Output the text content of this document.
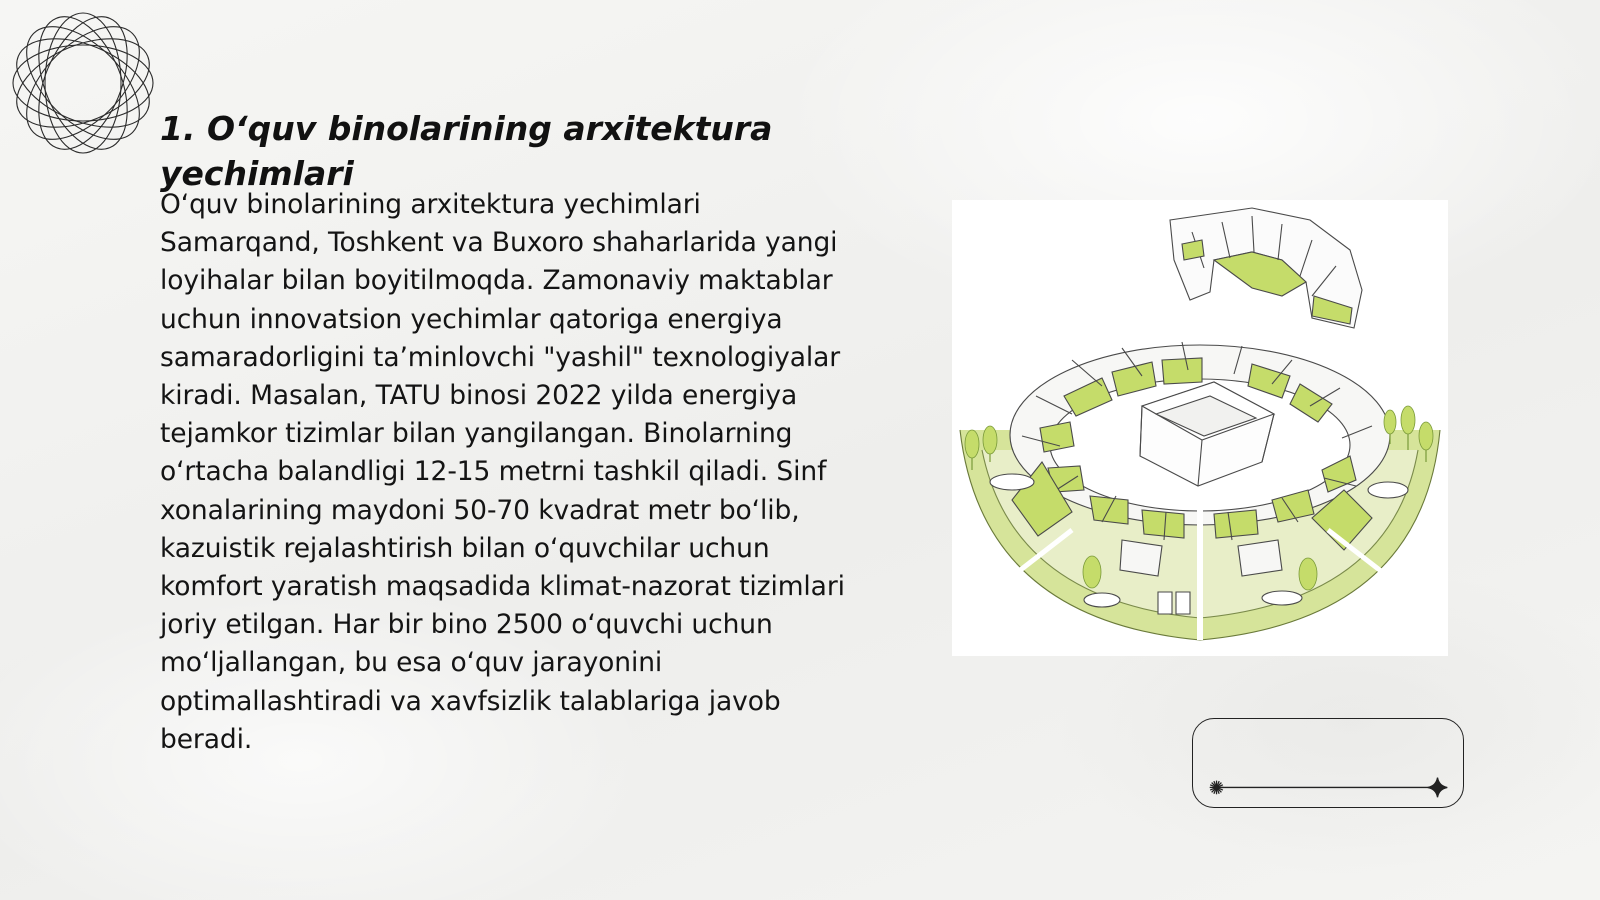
1. O‘quv binolarining arxitektura yechimlari

O‘quv binolarining arxitektura yechimlari Samarqand, Toshkent va Buxoro shaharlarida yangi loyihalar bilan boyitilmoqda. Zamonaviy maktablar uchun innovatsion yechimlar qatoriga energiya samaradorligini ta’minlovchi "yashil" texnologiyalar kiradi. Masalan, TATU binosi 2022 yilda energiya tejamkor tizimlar bilan yangilangan. Binolarning o‘rtacha balandligi 12-15 metrni tashkil qiladi. Sinf xonalarining maydoni 50-70 kvadrat metr bo‘lib, kazuistik rejalashtirish bilan o‘quvchilar uchun komfort yaratish maqsadida klimat-nazorat tizimlari joriy etilgan. Har bir bino 2500 o‘quvchi uchun mo‘ljallangan, bu esa o‘quv jarayonini optimallashtiradi va xavfsizlik talablariga javob beradi.
